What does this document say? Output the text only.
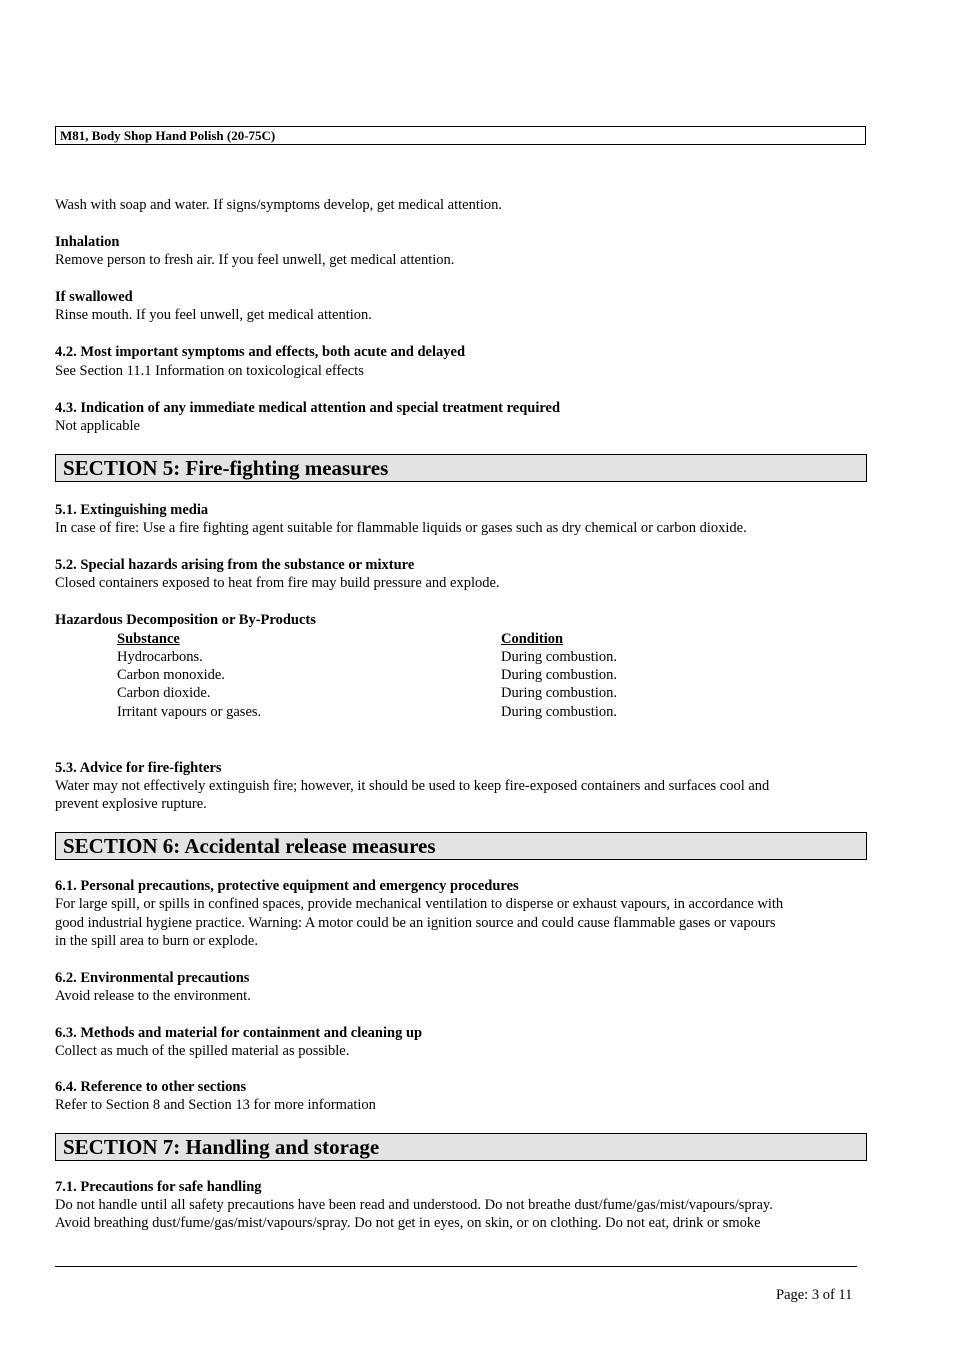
M81, Body Shop Hand Polish (20-75C)
Wash with soap and water. If signs/symptoms develop, get medical attention.
Inhalation
Remove person to fresh air. If you feel unwell, get medical attention.
If swallowed
Rinse mouth. If you feel unwell, get medical attention.
4.2. Most important symptoms and effects, both acute and delayed
See Section 11.1 Information on toxicological effects
4.3. Indication of any immediate medical attention and special treatment required
Not applicable
SECTION 5: Fire-fighting measures
5.1. Extinguishing media
In case of fire: Use a fire fighting agent suitable for flammable liquids or gases such as dry chemical or carbon dioxide.
5.2. Special hazards arising from the substance or mixture
Closed containers exposed to heat from fire may build pressure and explode.
Hazardous Decomposition or By-Products
Substance	Condition
Hydrocarbons.	During combustion.
Carbon monoxide.	During combustion.
Carbon dioxide.	During combustion.
Irritant vapours or gases.	During combustion.
5.3. Advice for fire-fighters
Water may not effectively extinguish fire; however, it should be used to keep fire-exposed containers and surfaces cool and
prevent explosive rupture.
SECTION 6: Accidental release measures
6.1. Personal precautions, protective equipment and emergency procedures
For large spill, or spills in confined spaces, provide mechanical ventilation to disperse or exhaust vapours, in accordance with
good industrial hygiene practice. Warning: A motor could be an ignition source and could cause flammable gases or vapours
in the spill area to burn or explode.
6.2. Environmental precautions
Avoid release to the environment.
6.3. Methods and material for containment and cleaning up
Collect as much of the spilled material as possible.
6.4. Reference to other sections
Refer to Section 8 and Section 13 for more information
SECTION 7: Handling and storage
7.1. Precautions for safe handling
Do not handle until all safety precautions have been read and understood. Do not breathe dust/fume/gas/mist/vapours/spray.
Avoid breathing dust/fume/gas/mist/vapours/spray. Do not get in eyes, on skin, or on clothing. Do not eat, drink or smoke
Page: 3 of 11
